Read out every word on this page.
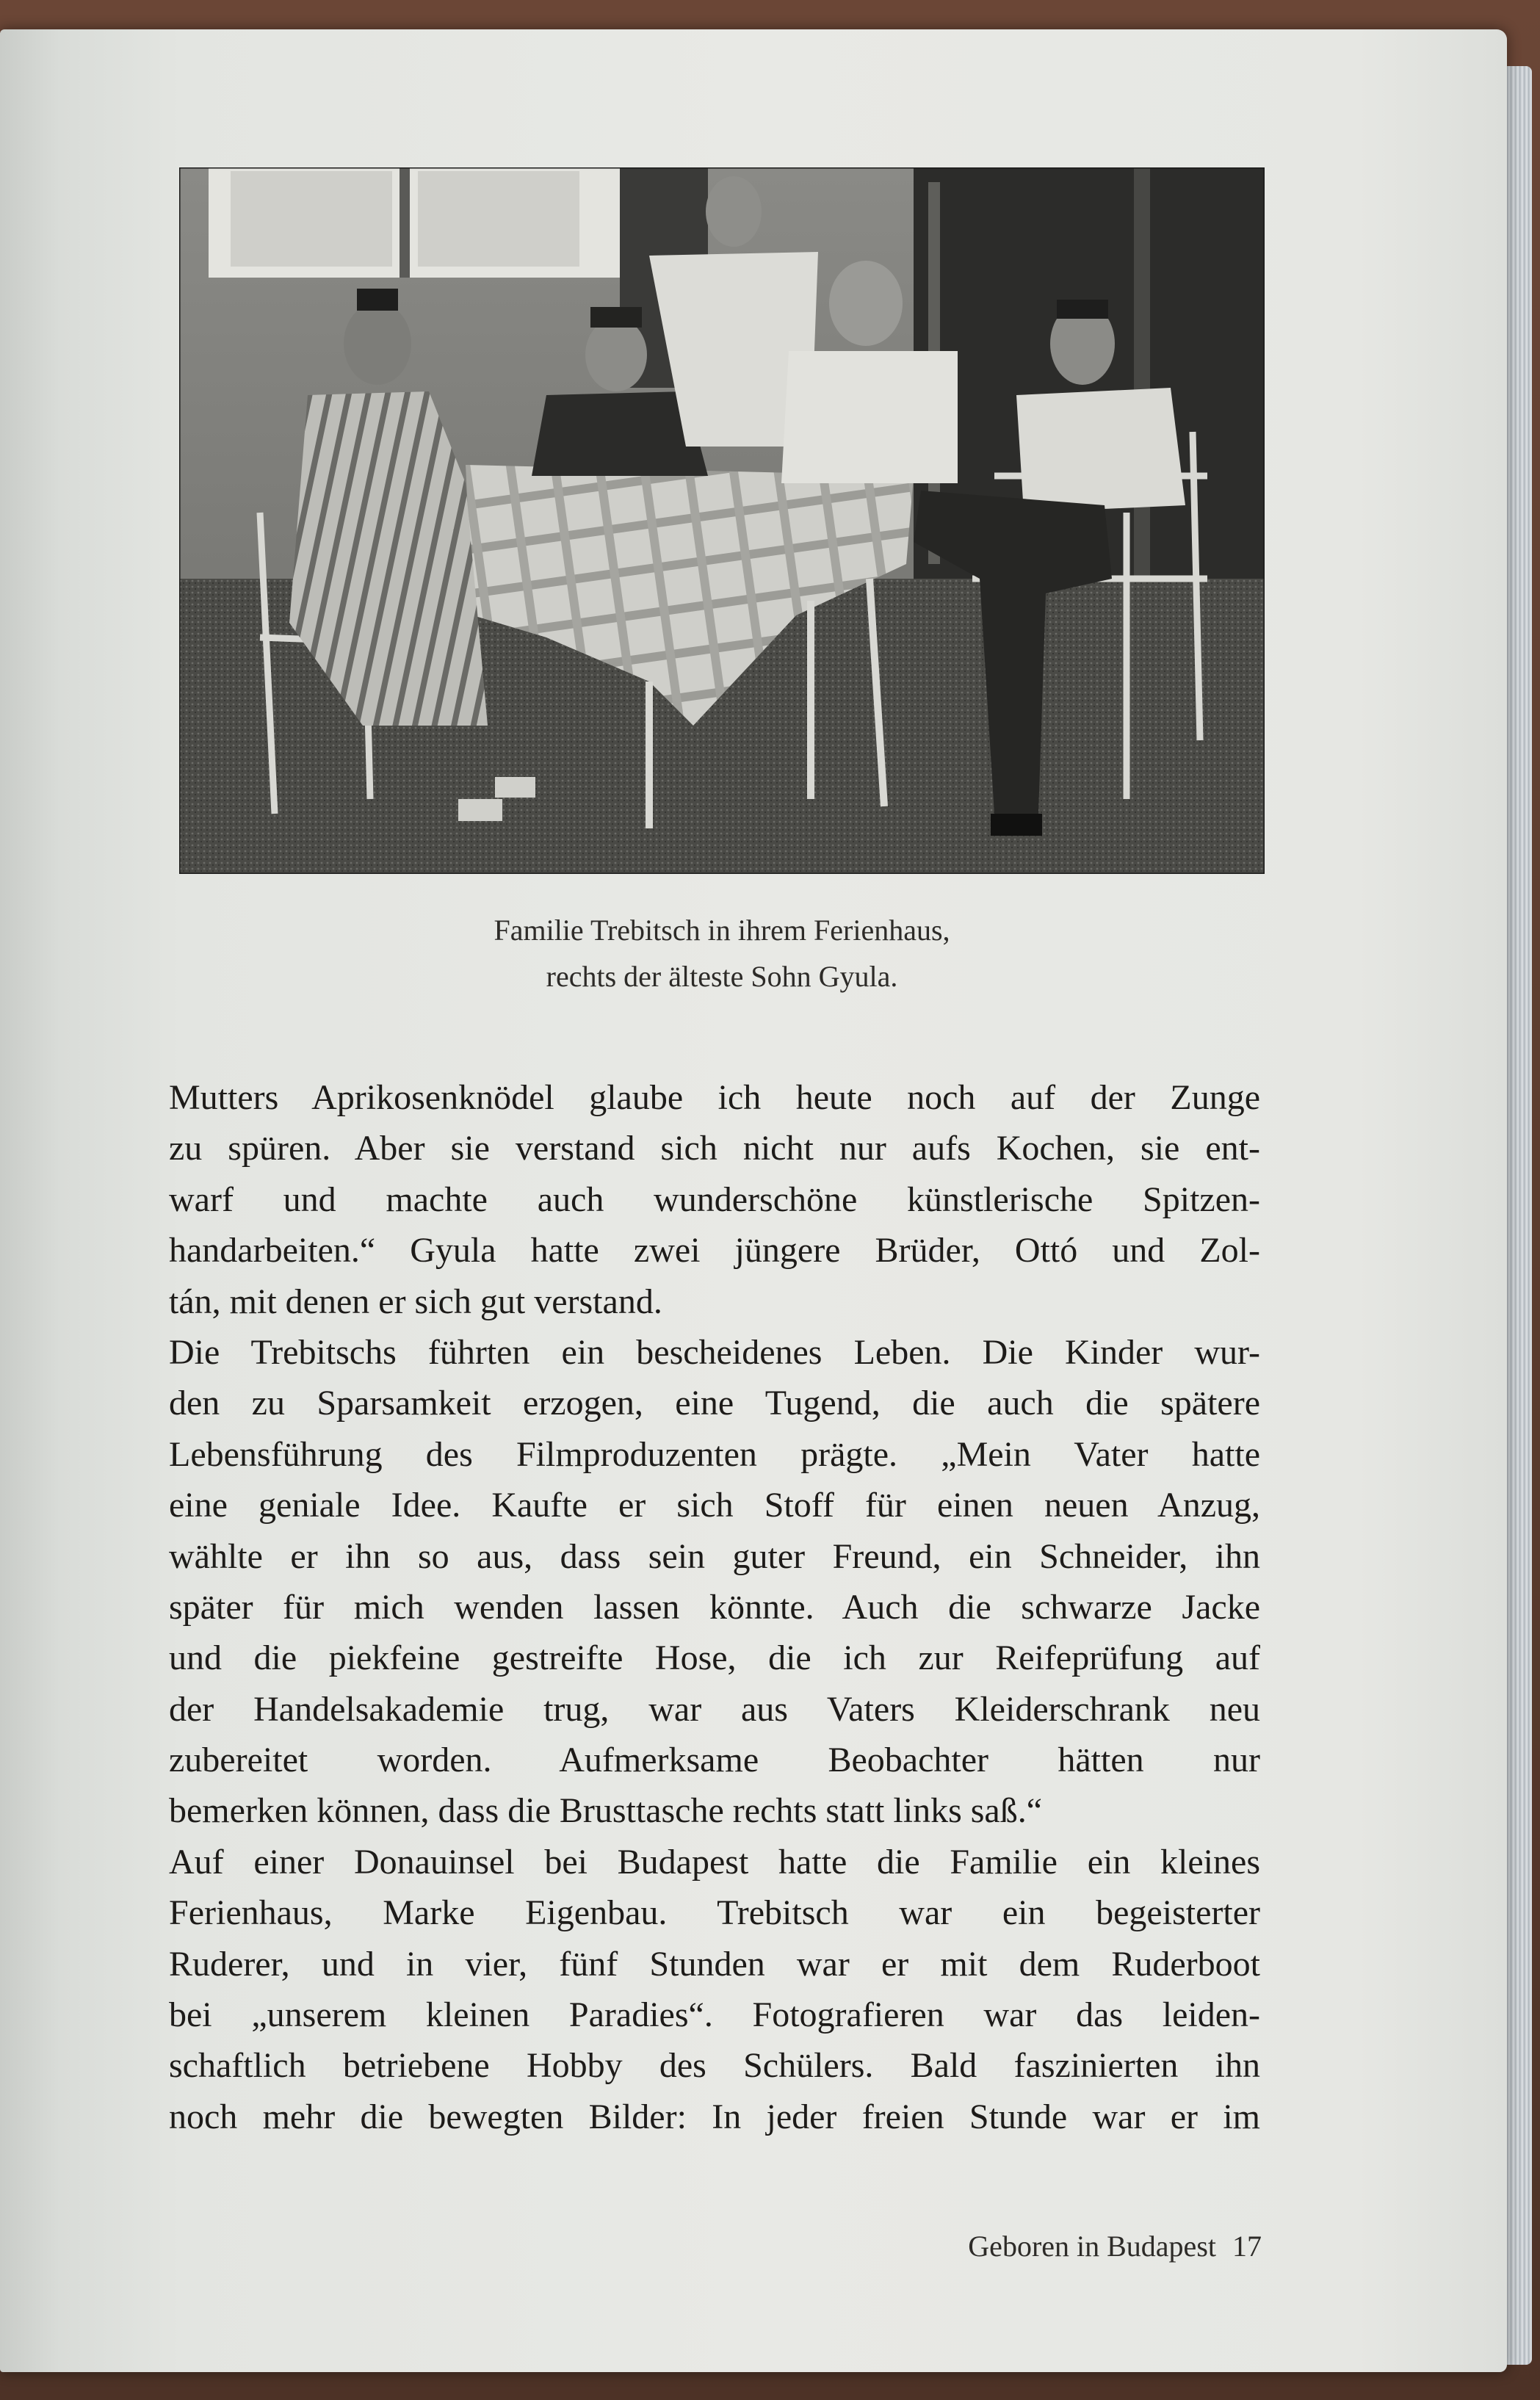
Familie Trebitsch in ihrem Ferienhaus,
rechts der älteste Sohn Gyula.
Mutters Aprikosenknödel glaube ich heute noch auf der Zunge
zu spüren. Aber sie verstand sich nicht nur aufs Kochen, sie ent-
warf und machte auch wunderschöne künstlerische Spitzen-
handarbeiten.“ Gyula hatte zwei jüngere Brüder, Ottó und Zol-
tán, mit denen er sich gut verstand.
Die Trebitschs führten ein bescheidenes Leben. Die Kinder wur-
den zu Sparsamkeit erzogen, eine Tugend, die auch die spätere
Lebensführung des Filmproduzenten prägte. „Mein Vater hatte
eine geniale Idee. Kaufte er sich Stoff für einen neuen Anzug,
wählte er ihn so aus, dass sein guter Freund, ein Schneider, ihn
später für mich wenden lassen könnte. Auch die schwarze Jacke
und die piekfeine gestreifte Hose, die ich zur Reifeprüfung auf
der Handelsakademie trug, war aus Vaters Kleiderschrank neu
zubereitet worden. Aufmerksame Beobachter hätten nur
bemerken können, dass die Brusttasche rechts statt links saß.“
Auf einer Donauinsel bei Budapest hatte die Familie ein kleines
Ferienhaus, Marke Eigenbau. Trebitsch war ein begeisterter
Ruderer, und in vier, fünf Stunden war er mit dem Ruderboot
bei „unserem kleinen Paradies“. Fotografieren war das leiden-
schaftlich betriebene Hobby des Schülers. Bald faszinierten ihn
noch mehr die bewegten Bilder: In jeder freien Stunde war er im
Geboren in Budapest 17
